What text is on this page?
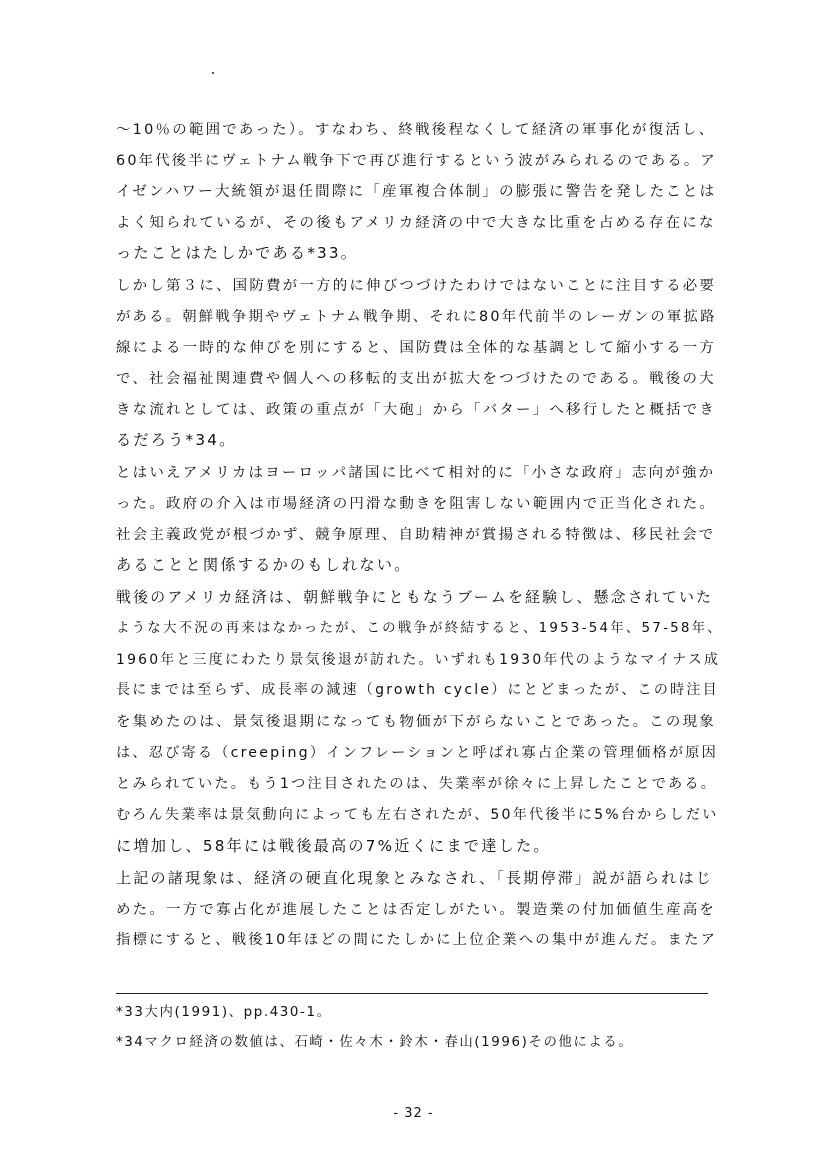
～10％の範囲であった）。すなわち、終戦後程なくして経済の軍事化が復活し、
60年代後半にヴェトナム戦争下で再び進行するという波がみられるのである。ア
イゼンハワー大統領が退任間際に「産軍複合体制」の膨張に警告を発したことは
よく知られているが、その後もアメリカ経済の中で大きな比重を占める存在にな
ったことはたしかである*33。
しかし第３に、国防費が一方的に伸びつづけたわけではないことに注目する必要
がある。朝鮮戦争期やヴェトナム戦争期、それに80年代前半のレーガンの軍拡路
線による一時的な伸びを別にすると、国防費は全体的な基調として縮小する一方
で、社会福祉関連費や個人への移転的支出が拡大をつづけたのである。戦後の大
きな流れとしては、政策の重点が「大砲」から「バター」へ移行したと概括でき
るだろう*34。
とはいえアメリカはヨーロッパ諸国に比べて相対的に「小さな政府」志向が強か
った。政府の介入は市場経済の円滑な動きを阻害しない範囲内で正当化された。
社会主義政党が根づかず、競争原理、自助精神が賞揚される特徴は、移民社会で
あることと関係するかのもしれない。
戦後のアメリカ経済は、朝鮮戦争にともなうブームを経験し、懸念されていた
ような大不況の再来はなかったが、この戦争が終結すると、1953-54年、57-58年、
1960年と三度にわたり景気後退が訪れた。いずれも1930年代のようなマイナス成
長にまでは至らず、成長率の減速（growth cycle）にとどまったが、この時注目
を集めたのは、景気後退期になっても物価が下がらないことであった。この現象
は、忍び寄る（creeping）インフレーションと呼ばれ寡占企業の管理価格が原因
とみられていた。もう1つ注目されたのは、失業率が徐々に上昇したことである。
むろん失業率は景気動向によっても左右されたが、50年代後半に5%台からしだい
に増加し、58年には戦後最高の7%近くにまで達した。
上記の諸現象は、経済の硬直化現象とみなされ、「長期停滞」説が語られはじ
めた。一方で寡占化が進展したことは否定しがたい。製造業の付加価値生産高を
指標にすると、戦後10年ほどの間にたしかに上位企業への集中が進んだ。またア
*33大内(1991)、pp.430-1。
*34マクロ経済の数値は、石崎・佐々木・鈴木・春山(1996)その他による。
- 32 -
